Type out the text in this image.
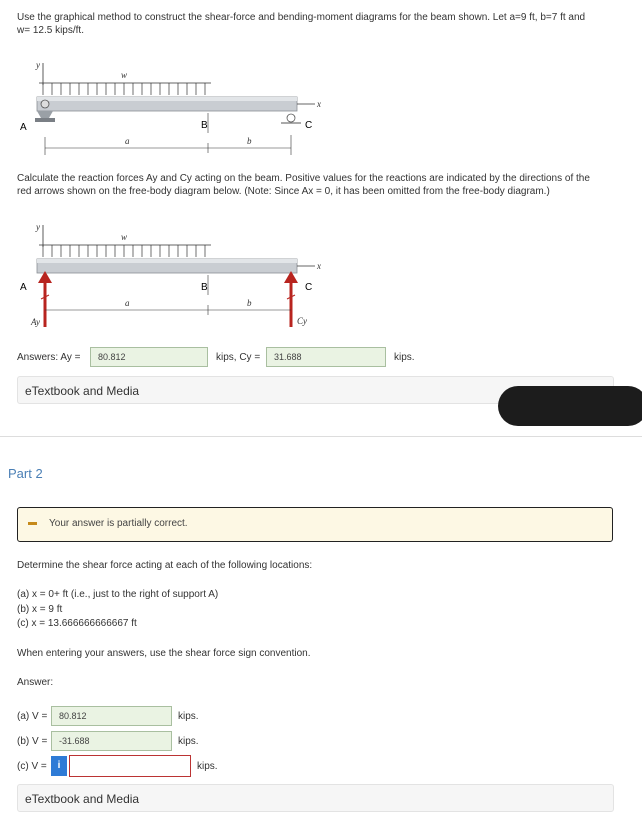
Use the graphical method to construct the shear-force and bending-moment diagrams for the beam shown. Let a=9 ft, b=7 ft and
w= 12.5 kips/ft.
y
w
x
A	C
B
a	b
Calculate the reaction forces Ay and Cy acting on the beam. Positive values for the reactions are indicated by the directions of the
red arrows shown on the free-body diagram below. (Note: Since Ax = 0, it has been omitted from the free-body diagram.)
y
w
x
A	B	C
Ay	Cy
a	b
Answers: Ay =	80.812	kips, Cy =	31.688	kips.
eTextbook and Media
Part 2
Your answer is partially correct.
Determine the shear force acting at each of the following locations:
(a) x = 0+ ft (i.e., just to the right of support A)
(b) x = 9 ft
(c) x = 13.666666666667 ft
When entering your answers, use the shear force sign convention.
Answer:
(a) V =	80.812	kips.
(b) V =	-31.688	kips.
(c) V =	i	kips.
eTextbook and Media
